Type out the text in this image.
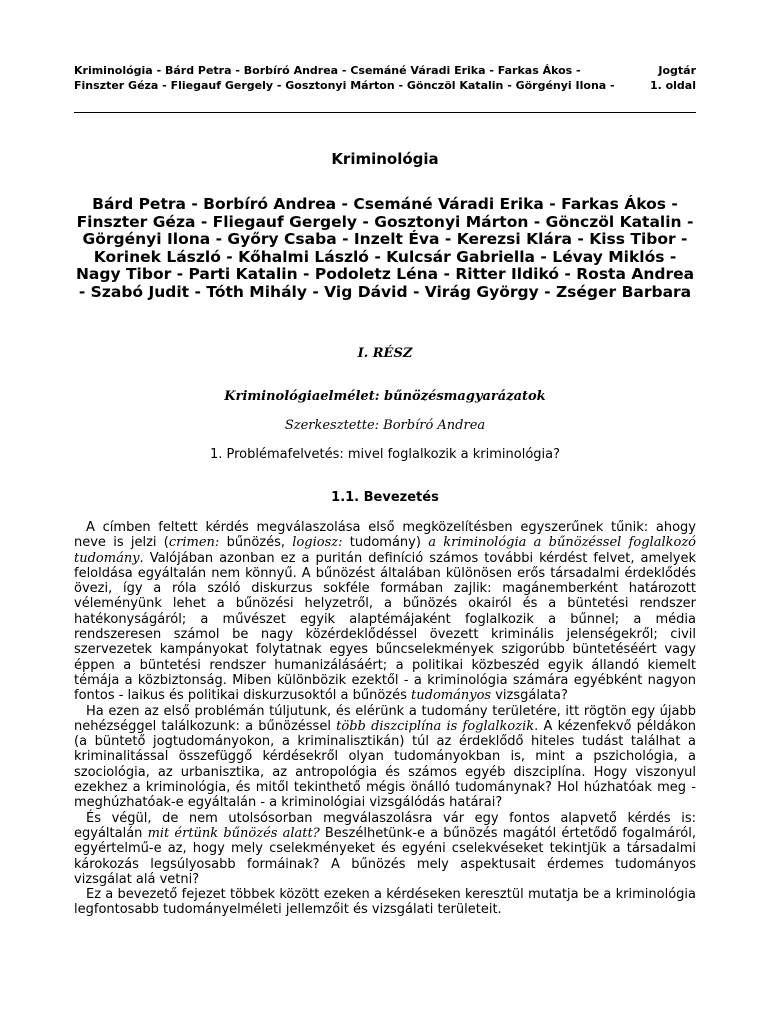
Kriminológia - Bárd Petra - Borbíró Andrea - Csemáné Váradi Erika - Farkas Ákos -	Jogtár
Finszter Géza - Fliegauf Gergely - Gosztonyi Márton - Gönczöl Katalin - Görgényi Ilona -	1. oldal
Kriminológia
Bárd Petra - Borbíró Andrea - Csemáné Váradi Erika - Farkas Ákos - Finszter Géza - Fliegauf Gergely - Gosztonyi Márton - Gönczöl Katalin - Görgényi Ilona - Győry Csaba - Inzelt Éva - Kerezsi Klára - Kiss Tibor - Korinek László - Kőhalmi László - Kulcsár Gabriella - Lévay Miklós - Nagy Tibor - Parti Katalin - Podoletz Léna - Ritter Ildikó - Rosta Andrea - Szabó Judit - Tóth Mihály - Vig Dávid - Virág György - Zséger Barbara
I. RÉSZ
Kriminológiaelmélet: bűnözésmagyarázatok
Szerkesztette: Borbíró Andrea
1. Problémafelvetés: mivel foglalkozik a kriminológia?
1.1. Bevezetés

A címben feltett kérdés megválaszolása első megközelítésben egyszerűnek tűnik: ahogy neve is jelzi (crimen: bűnözés, logiosz: tudomány) a kriminológia a bűnözéssel foglalkozó tudomány. Valójában azonban ez a puritán definíció számos további kérdést felvet, amelyek feloldása egyáltalán nem könnyű. A bűnözést általában különösen erős társadalmi érdeklődés övezi, így a róla szóló diskurzus sokféle formában zajlik: magánemberként határozott véleményünk lehet a bűnözési helyzetről, a bűnözés okairól és a büntetési rendszer hatékonyságáról; a művészet egyik alaptémájaként foglalkozik a bűnnel; a média rendszeresen számol be nagy közérdeklődéssel övezett kriminális jelenségekről; civil szervezetek kampányokat folytatnak egyes bűncselekmények szigorúbb büntetéséért vagy éppen a büntetési rendszer humanizálásáért; a politikai közbeszéd egyik állandó kiemelt témája a közbiztonság. Miben különbözik ezektől - a kriminológia számára egyébként nagyon fontos - laikus és politikai diskurzusoktól a bűnözés tudományos vizsgálata?

Ha ezen az első problémán túljutunk, és elérünk a tudomány területére, itt rögtön egy újabb nehézséggel találkozunk: a bűnözéssel több diszciplína is foglalkozik. A kézenfekvő példákon (a büntető jogtudományokon, a kriminalisztikán) túl az érdeklődő hiteles tudást találhat a kriminalitással összefüggő kérdésekről olyan tudományokban is, mint a pszichológia, a szociológia, az urbanisztika, az antropológia és számos egyéb diszciplína. Hogy viszonyul ezekhez a kriminológia, és mitől tekinthető mégis önálló tudománynak? Hol húzhatóak meg - meghúzhatóak-e egyáltalán - a kriminológiai vizsgálódás határai?

És végül, de nem utolsósorban megválaszolásra vár egy fontos alapvető kérdés is: egyáltalán mit értünk bűnözés alatt? Beszélhetünk-e a bűnözés magától értetődő fogalmáról, egyértelmű-e az, hogy mely cselekményeket és egyéni cselekvéseket tekintjük a társadalmi károkozás legsúlyosabb formáinak? A bűnözés mely aspektusait érdemes tudományos vizsgálat alá vetni?

Ez a bevezető fejezet többek között ezeken a kérdéseken keresztül mutatja be a kriminológia legfontosabb tudományelméleti jellemzőit és vizsgálati területeit.
